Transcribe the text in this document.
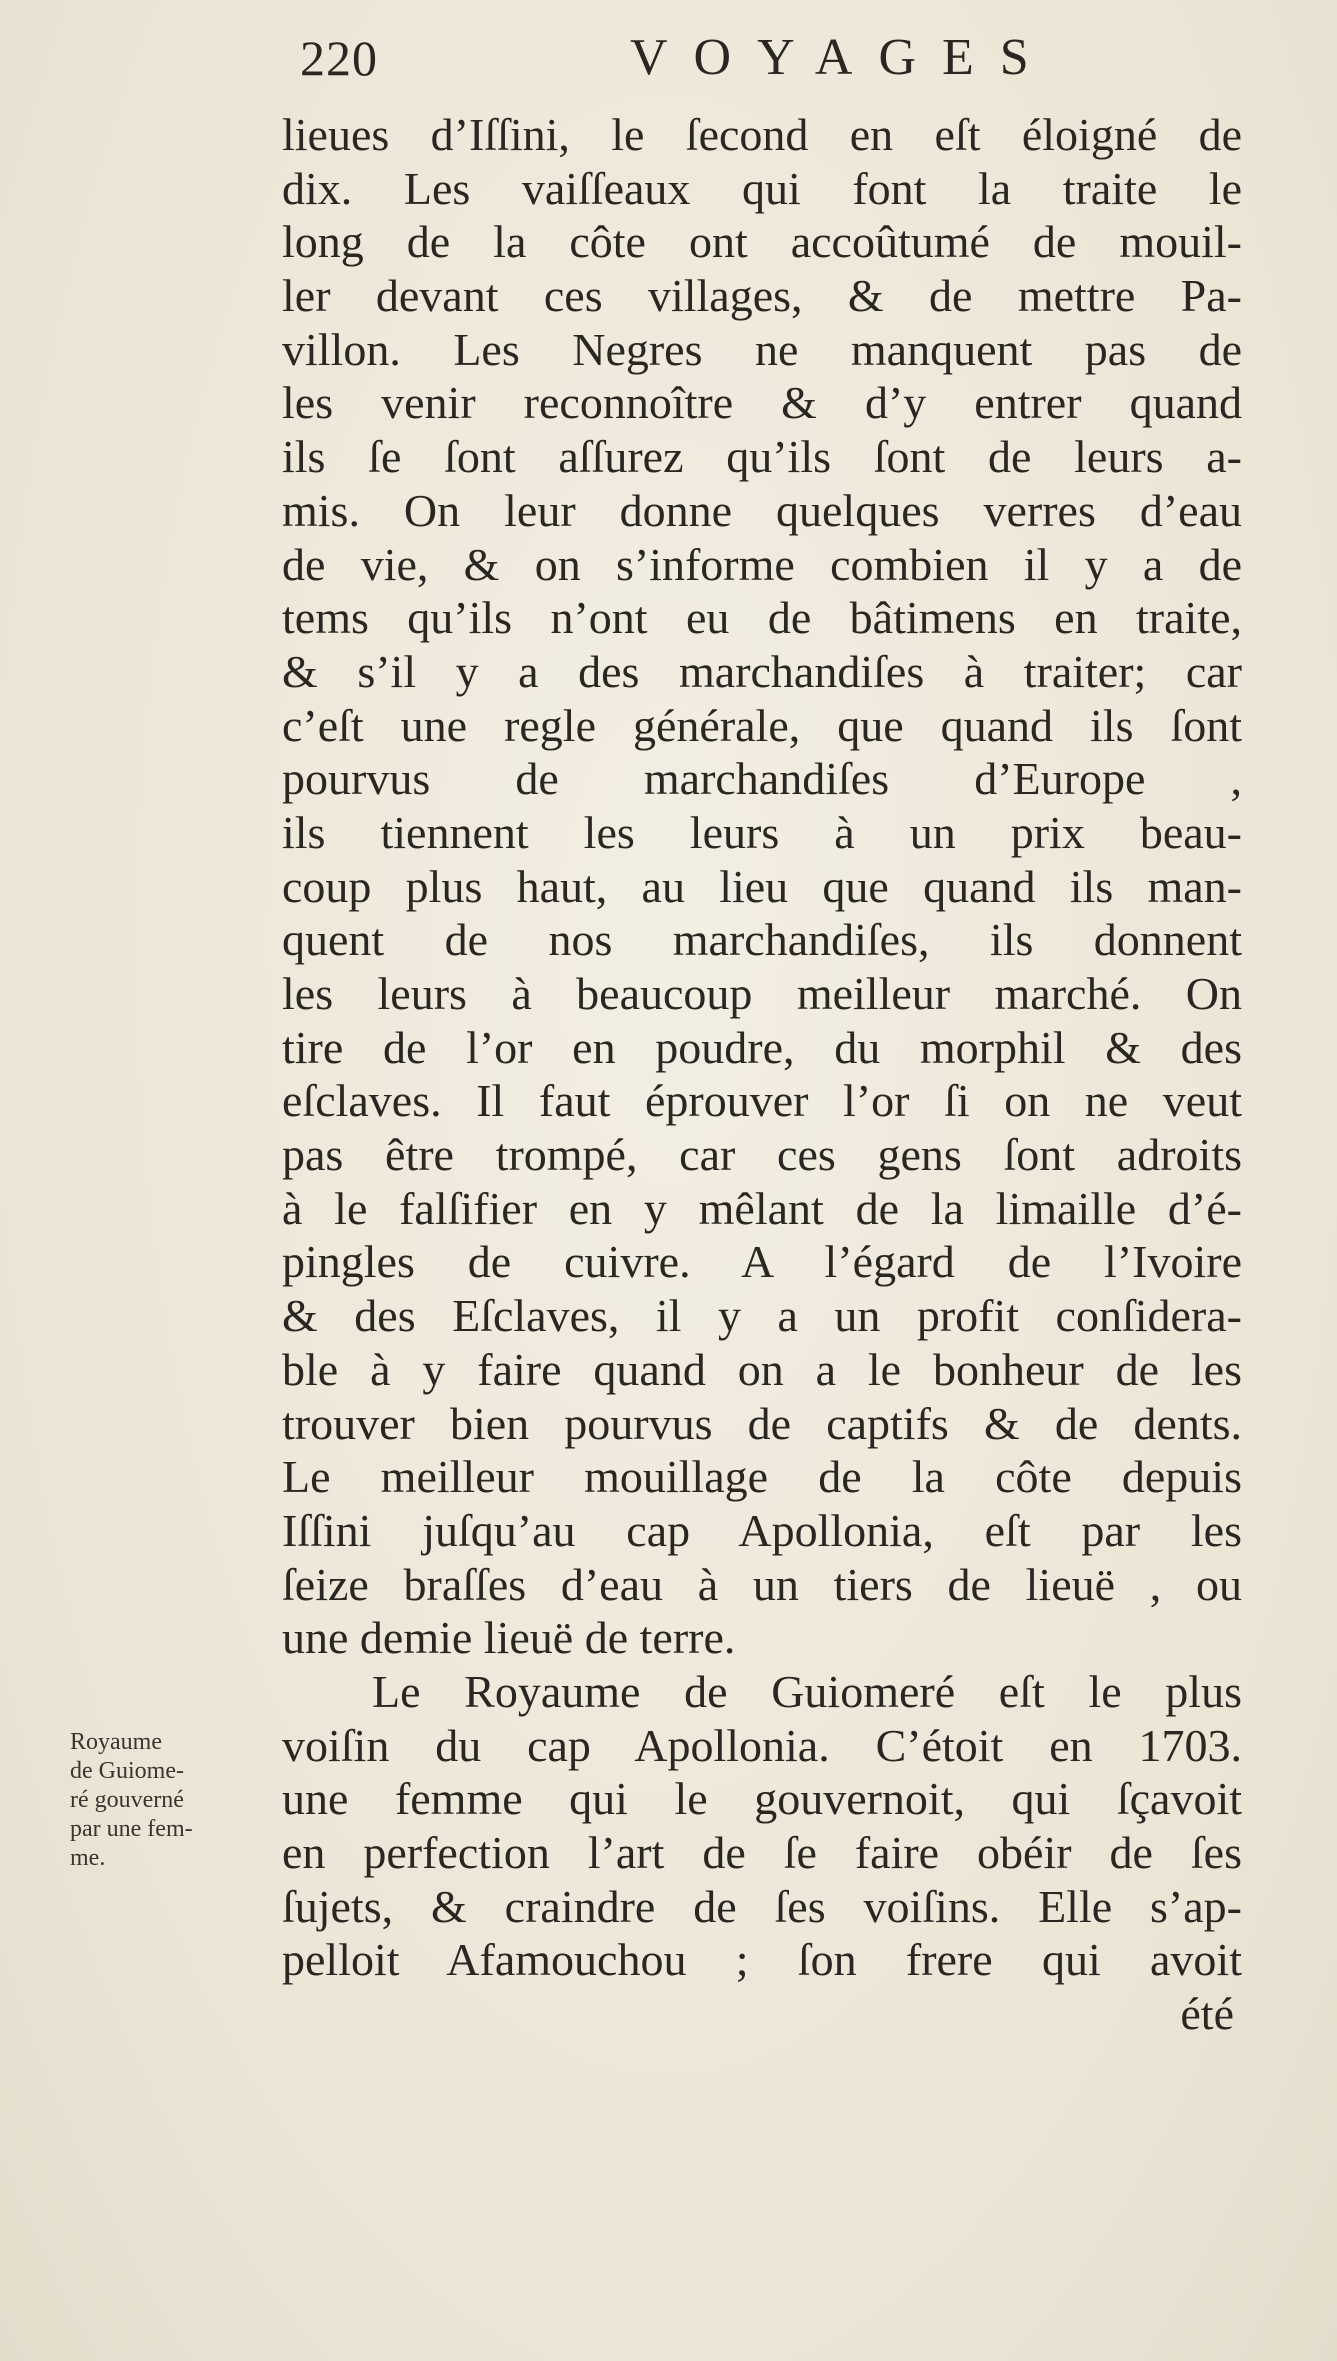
220	VOYAGES
lieues d’Iſſini, le ſecond en eſt éloigné de
dix. Les vaiſſeaux qui font la traite le
long de la côte ont accoûtumé de mouil-
ler devant ces villages, & de mettre Pa-
villon. Les Negres ne manquent pas de
les venir reconnoître & d’y entrer quand
ils ſe ſont aſſurez qu’ils ſont de leurs a-
mis. On leur donne quelques verres d’eau
de vie, & on s’informe combien il y a de
tems qu’ils n’ont eu de bâtimens en traite,
& s’il y a des marchandiſes à traiter; car
c’eſt une regle générale, que quand ils ſont
pourvus de marchandiſes d’Europe ,
ils tiennent les leurs à un prix beau-
coup plus haut, au lieu que quand ils man-
quent de nos marchandiſes, ils donnent
les leurs à beaucoup meilleur marché. On
tire de l’or en poudre, du morphil & des
eſclaves. Il faut éprouver l’or ſi on ne veut
pas être trompé, car ces gens ſont adroits
à le falſifier en y mêlant de la limaille d’é-
pingles de cuivre. A l’égard de l’Ivoire
& des Eſclaves, il y a un profit conſidera-
ble à y faire quand on a le bonheur de les
trouver bien pourvus de captifs & de dents.
Le meilleur mouillage de la côte depuis
Iſſini juſqu’au cap Apollonia, eſt par les
ſeize braſſes d’eau à un tiers de lieuë , ou
une demie lieuë de terre.
Le Royaume de Guiomeré eſt le plus
voiſin du cap Apollonia. C’étoit en 1703.
une femme qui le gouvernoit, qui ſçavoit
en perfection l’art de ſe faire obéir de ſes
ſujets, & craindre de ſes voiſins. Elle s’ap-
pelloit Afamouchou ; ſon frere qui avoit
été
Royaume
de Guiome-
ré gouverné
par une fem-
me.
